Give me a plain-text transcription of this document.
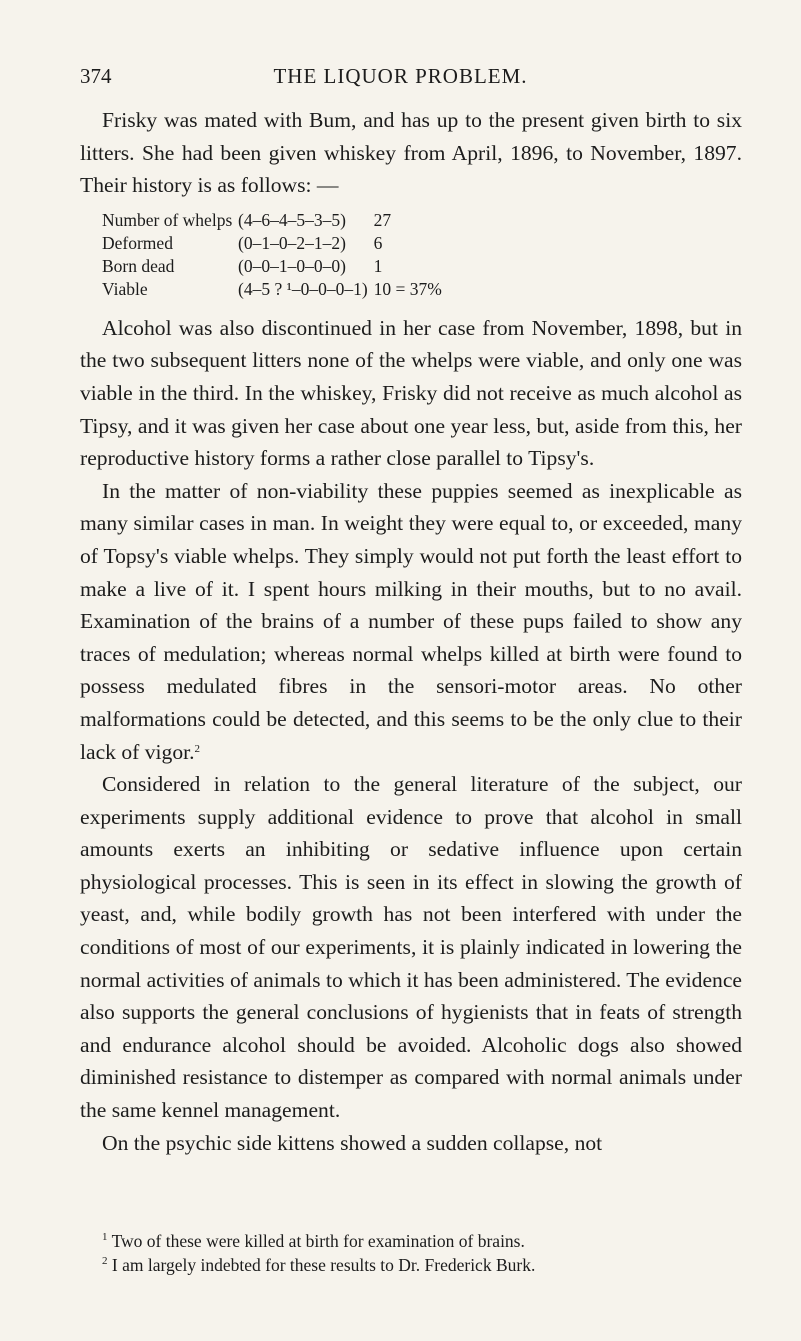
374	THE LIQUOR PROBLEM.

Frisky was mated with Bum, and has up to the present given birth to six litters. She had been given whiskey from April, 1896, to November, 1897. Their history is as follows: —

Number of whelps	(4–6–4–5–3–5)	27
Deformed	(0–1–0–2–1–2)	6
Born dead	(0–0–1–0–0–0)	1
Viable	(4–5 ? ¹–0–0–0–1)	10 = 37%

Alcohol was also discontinued in her case from November, 1898, but in the two subsequent litters none of the whelps were viable, and only one was viable in the third. In the whiskey, Frisky did not receive as much alcohol as Tipsy, and it was given her case about one year less, but, aside from this, her reproductive history forms a rather close parallel to Tipsy's.

In the matter of non-viability these puppies seemed as inexplicable as many similar cases in man. In weight they were equal to, or exceeded, many of Topsy's viable whelps. They simply would not put forth the least effort to make a live of it. I spent hours milking in their mouths, but to no avail. Examination of the brains of a number of these pups failed to show any traces of medulation; whereas normal whelps killed at birth were found to possess medulated fibres in the sensori-motor areas. No other malformations could be detected, and this seems to be the only clue to their lack of vigor.$^2$

Considered in relation to the general literature of the subject, our experiments supply additional evidence to prove that alcohol in small amounts exerts an inhibiting or sedative influence upon certain physiological processes. This is seen in its effect in slowing the growth of yeast, and, while bodily growth has not been interfered with under the conditions of most of our experiments, it is plainly indicated in lowering the normal activities of animals to which it has been administered. The evidence also supports the general conclusions of hygienists that in feats of strength and endurance alcohol should be avoided. Alcoholic dogs also showed diminished resistance to distemper as compared with normal animals under the same kennel management.

On the psychic side kittens showed a sudden collapse, not

$^1$ Two of these were killed at birth for examination of brains.
$^2$ I am largely indebted for these results to Dr. Frederick Burk.
